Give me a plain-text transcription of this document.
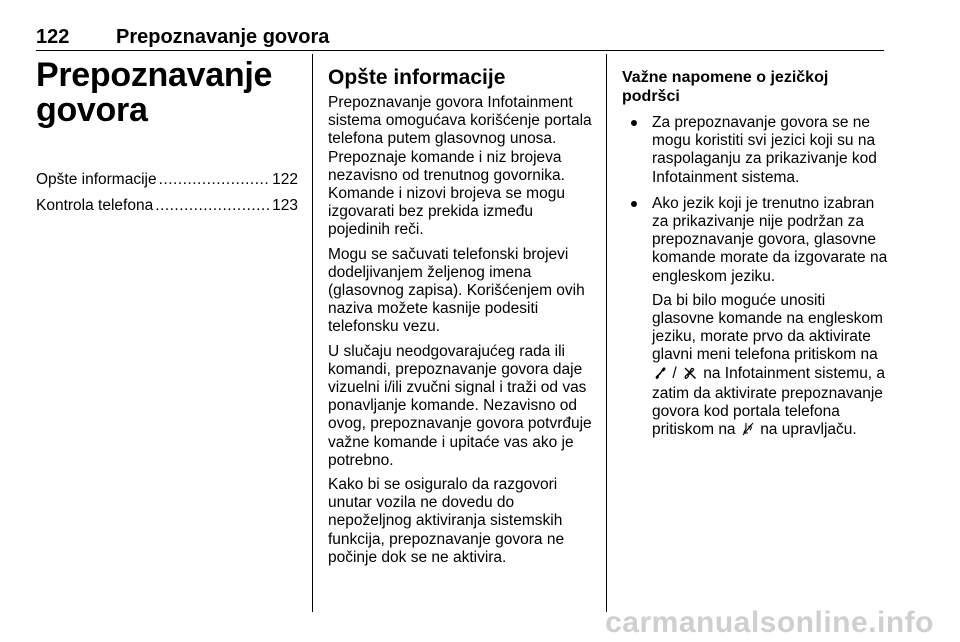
122 Prepoznavanje govora
Prepoznavanje
govora
Opšte informacije .....	122
Kontrola telefona .....	123
Opšte informacije

Prepoznavanje govora Infotainment sistema omogućava korišćenje portala telefona putem glasovnog unosa. Prepoznaje komande i niz brojeva nezavisno od trenutnog govornika. Komande i nizovi brojeva se mogu izgovarati bez prekida između pojedinih reči.

Mogu se sačuvati telefonski brojevi dodeljivanjem željenog imena (glasovnog zapisa). Korišćenjem ovih naziva možete kasnije podesiti telefonsku vezu.

U slučaju neodgovarajućeg rada ili komandi, prepoznavanje govora daje vizuelni i/ili zvučni signal i traži od vas ponavljanje komande. Nezavisno od ovog, prepoznavanje govora potvrđuje važne komande i upitaće vas ako je potrebno.

Kako bi se osiguralo da razgovori unutar vozila ne dovedu do nepoželjnog aktiviranja sistemskih funkcija, prepoznavanje govora ne počinje dok se ne aktivira.

Važne napomene o jezičkoj podršci

Za prepoznavanje govora se ne mogu koristiti svi jezici koji su na raspolaganju za prikazivanje kod Infotainment sistema.

Ako jezik koji je trenutno izabran za prikazivanje nije podržan za prepoznavanje govora, glasovne komande morate da izgovarate na engleskom jeziku.

Da bi bilo moguće unositi glasovne komande na engleskom jeziku, morate prvo da aktivirate glavni meni telefona pritiskom na  / na Infotainment sistemu, a zatim da aktivirate prepoznavanje govora kod portala telefona pritiskom na na upravljaču.

carmanualsonline.info
